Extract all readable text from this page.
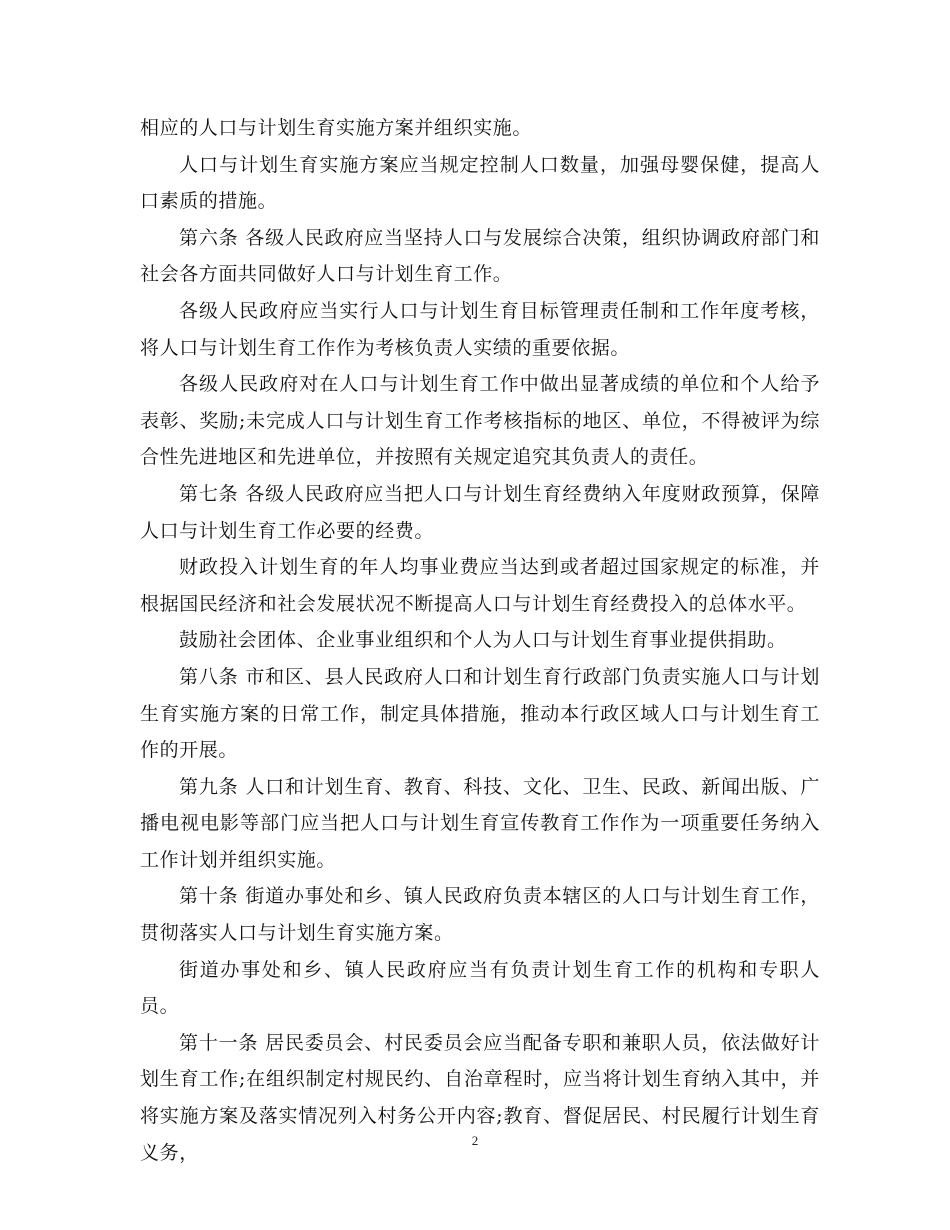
相应的人口与计划生育实施方案并组织实施。

人口与计划生育实施方案应当规定控制人口数量，加强母婴保健，提高人口素质的措施。

第六条 各级人民政府应当坚持人口与发展综合决策，组织协调政府部门和社会各方面共同做好人口与计划生育工作。

各级人民政府应当实行人口与计划生育目标管理责任制和工作年度考核，将人口与计划生育工作作为考核负责人实绩的重要依据。

各级人民政府对在人口与计划生育工作中做出显著成绩的单位和个人给予表彰、奖励;未完成人口与计划生育工作考核指标的地区、单位，不得被评为综合性先进地区和先进单位，并按照有关规定追究其负责人的责任。

第七条 各级人民政府应当把人口与计划生育经费纳入年度财政预算，保障人口与计划生育工作必要的经费。

财政投入计划生育的年人均事业费应当达到或者超过国家规定的标准，并根据国民经济和社会发展状况不断提高人口与计划生育经费投入的总体水平。

鼓励社会团体、企业事业组织和个人为人口与计划生育事业提供捐助。

第八条 市和区、县人民政府人口和计划生育行政部门负责实施人口与计划生育实施方案的日常工作，制定具体措施，推动本行政区域人口与计划生育工作的开展。

第九条 人口和计划生育、教育、科技、文化、卫生、民政、新闻出版、广播电视电影等部门应当把人口与计划生育宣传教育工作作为一项重要任务纳入工作计划并组织实施。

第十条 街道办事处和乡、镇人民政府负责本辖区的人口与计划生育工作，贯彻落实人口与计划生育实施方案。

街道办事处和乡、镇人民政府应当有负责计划生育工作的机构和专职人员。

第十一条 居民委员会、村民委员会应当配备专职和兼职人员，依法做好计划生育工作;在组织制定村规民约、自治章程时，应当将计划生育纳入其中，并将实施方案及落实情况列入村务公开内容;教育、督促居民、村民履行计划生育义务，

2
